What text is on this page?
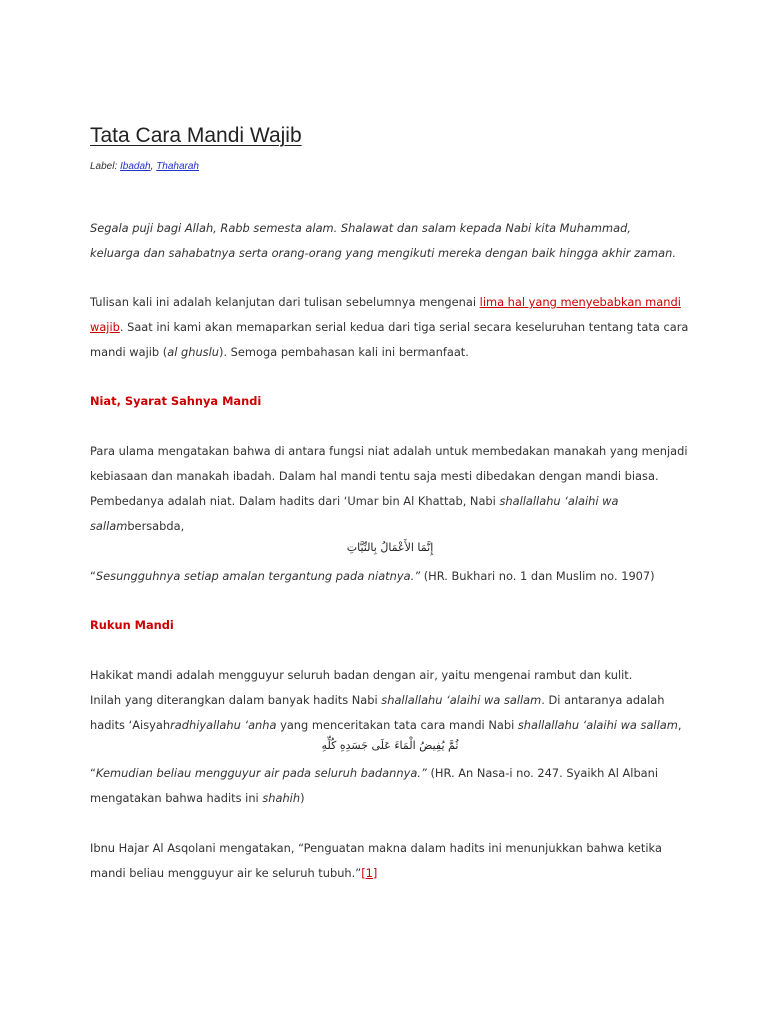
Tata Cara Mandi Wajib
Label: Ibadah, Thaharah

Segala puji bagi Allah, Rabb semesta alam. Shalawat dan salam kepada Nabi kita Muhammad,
keluarga dan sahabatnya serta orang-orang yang mengikuti mereka dengan baik hingga akhir zaman.

Tulisan kali ini adalah kelanjutan dari tulisan sebelumnya mengenai lima hal yang menyebabkan mandi wajib. Saat ini kami akan memaparkan serial kedua dari tiga serial secara keseluruhan tentang tata cara mandi wajib (al ghuslu). Semoga pembahasan kali ini bermanfaat.

Niat, Syarat Sahnya Mandi

Para ulama mengatakan bahwa di antara fungsi niat adalah untuk membedakan manakah yang menjadi kebiasaan dan manakah ibadah. Dalam hal mandi tentu saja mesti dibedakan dengan mandi biasa. Pembedanya adalah niat. Dalam hadits dari ‘Umar bin Al Khattab, Nabi shallallahu ‘alaihi wa sallambersabda,

إِنَّمَا الأَعْمَالُ بِالنِّيَّاتِ

“Sesungguhnya setiap amalan tergantung pada niatnya.” (HR. Bukhari no. 1 dan Muslim no. 1907)

Rukun Mandi

Hakikat mandi adalah mengguyur seluruh badan dengan air, yaitu mengenai rambut dan kulit.
Inilah yang diterangkan dalam banyak hadits Nabi shallallahu ‘alaihi wa sallam. Di antaranya adalah
hadits ‘Aisyahradhiyallahu ‘anha yang menceritakan tata cara mandi Nabi shallallahu ‘alaihi wa sallam,

ثُمَّ يُفِيضُ الْمَاءَ عَلَى جَسَدِهِ كُلِّهِ

“Kemudian beliau mengguyur air pada seluruh badannya.” (HR. An Nasa-i no. 247. Syaikh Al Albani mengatakan bahwa hadits ini shahih)

Ibnu Hajar Al Asqolani mengatakan, “Penguatan makna dalam hadits ini menunjukkan bahwa ketika mandi beliau mengguyur air ke seluruh tubuh.”[1]
